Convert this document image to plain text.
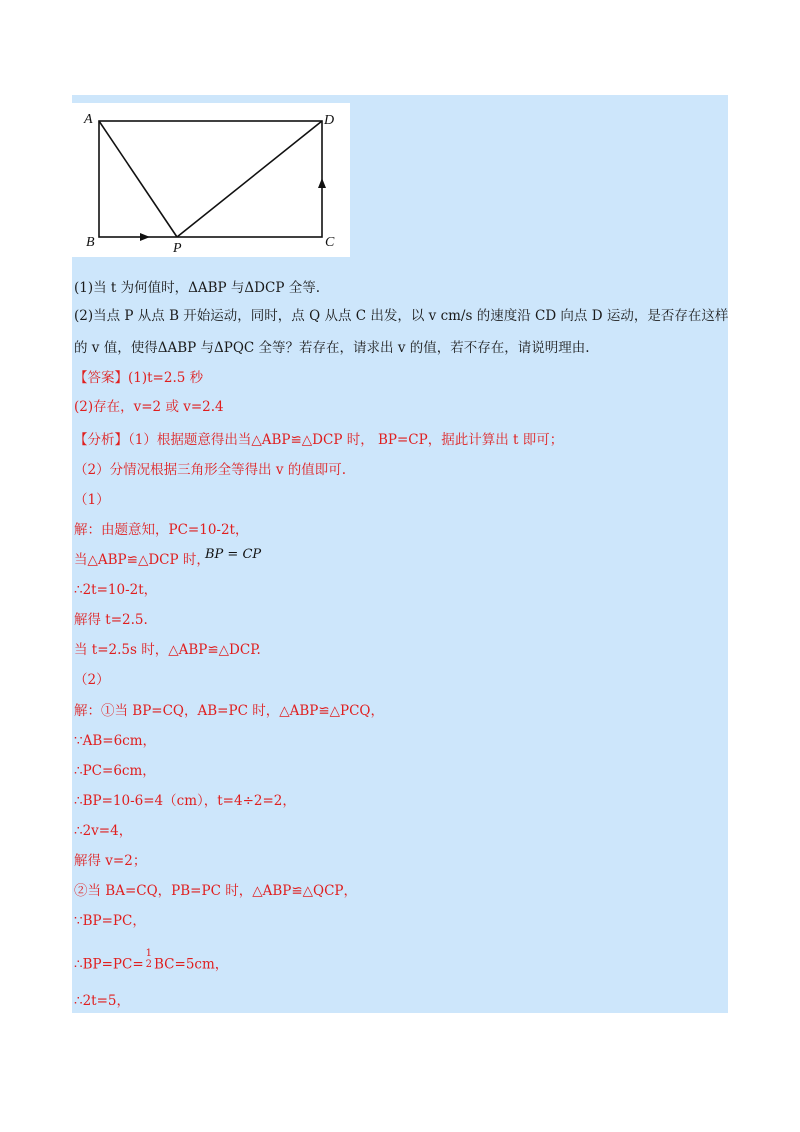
A	D
B	P	C
(1)当 t 为何值时，ΔABP 与ΔDCP 全等.
(2)当点 P 从点 B 开始运动，同时，点 Q 从点 C 出发，以 v cm/s 的速度沿 CD 向点 D 运动，是否存在这样
的 v 值，使得ΔABP 与ΔPQC 全等？若存在，请求出 v 的值，若不存在，请说明理由.
【答案】(1)t=2.5 秒
(2)存在，v=2 或 v=2.4
【分析】（1）根据题意得出当△ABP≌△DCP 时， BP=CP，据此计算出 t 即可；
（2）分情况根据三角形全等得出 v 的值即可.
（1）
解：由题意知，PC=10-2t，
当△ABP≌△DCP 时，
BP = CP
∴2t=10-2t，
解得 t=2.5.
当 t=2.5s 时，△ABP≌△DCP.
（2）
解：①当 BP=CQ，AB=PC 时，△ABP≌△PCQ，
∵AB=6cm，
∴PC=6cm，
∴BP=10-6=4（cm），t=4÷2=2，
∴2v=4，
解得 v=2；
②当 BA=CQ，PB=PC 时，△ABP≌△QCP，
∵BP=PC，
∴BP=PC=
1
2 BC=5cm，
∴2t=5，
